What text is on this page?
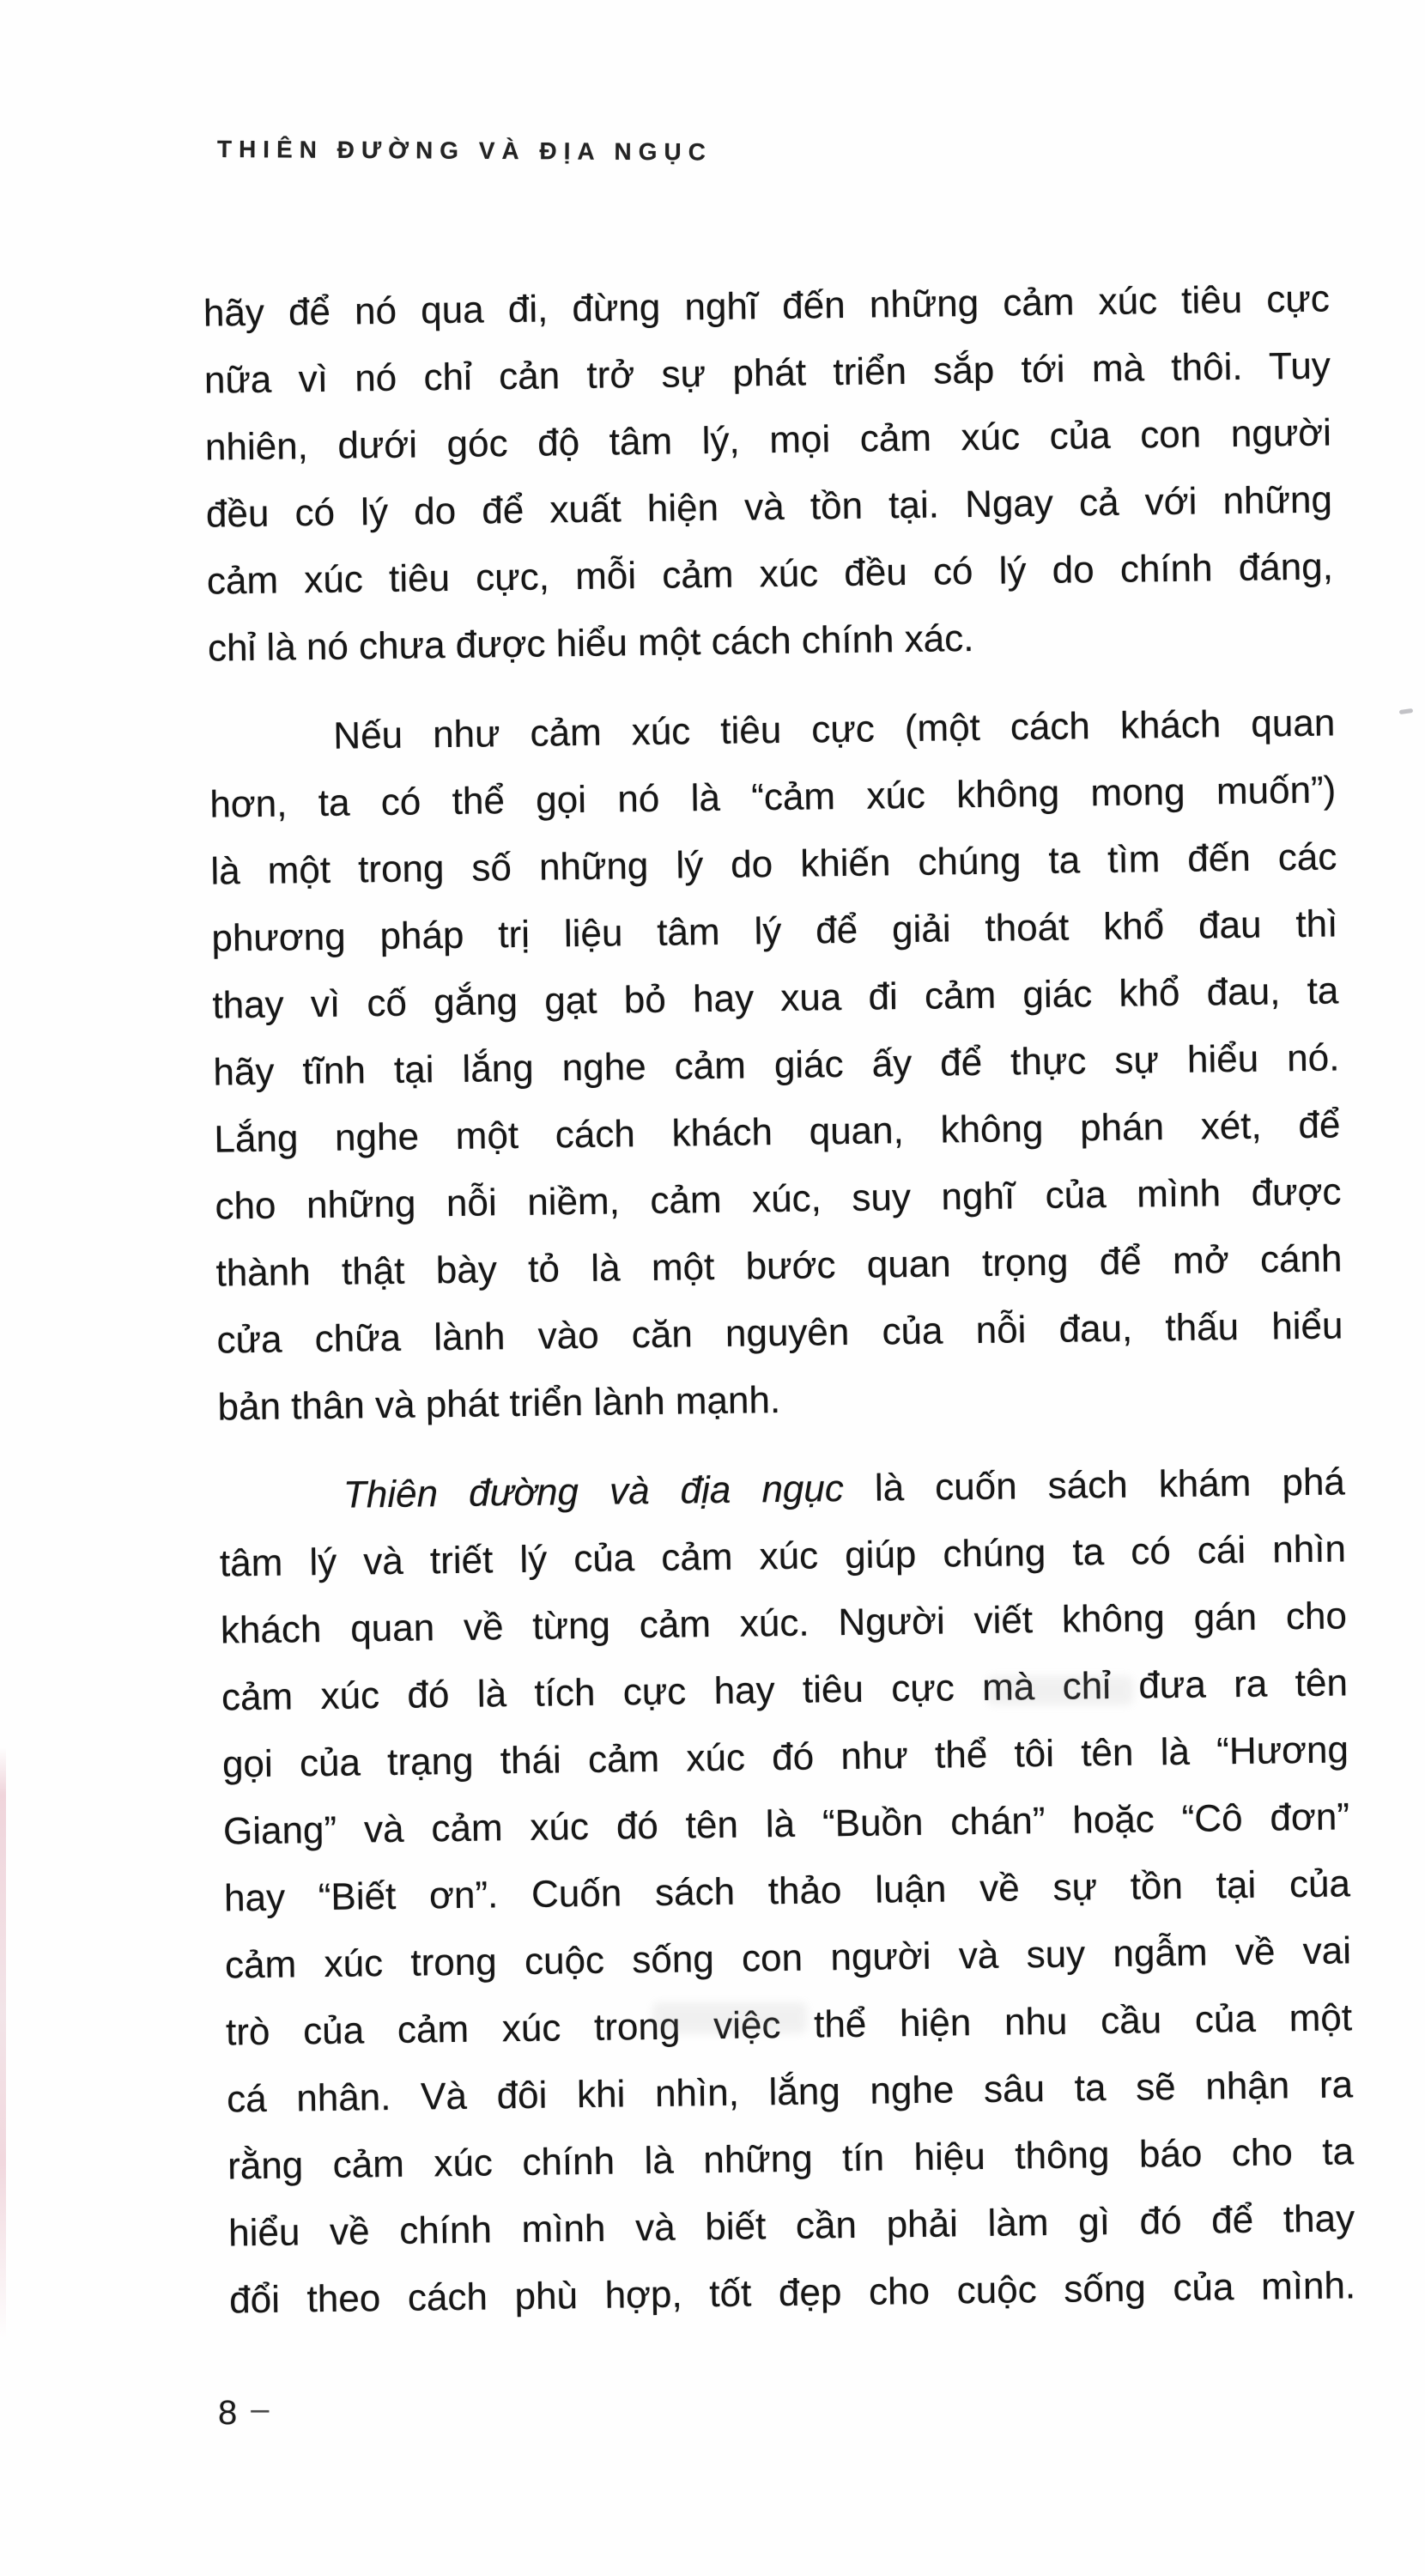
THIÊN ĐƯỜNG VÀ ĐỊA NGỤC
hãy để nó qua đi, đừng nghĩ đến những cảm xúc tiêu cực
nữa vì nó chỉ cản trở sự phát triển sắp tới mà thôi. Tuy
nhiên, dưới góc độ tâm lý, mọi cảm xúc của con người
đều có lý do để xuất hiện và tồn tại. Ngay cả với những
cảm xúc tiêu cực, mỗi cảm xúc đều có lý do chính đáng,
chỉ là nó chưa được hiểu một cách chính xác.
Nếu như cảm xúc tiêu cực (một cách khách quan
hơn, ta có thể gọi nó là “cảm xúc không mong muốn”)
là một trong số những lý do khiến chúng ta tìm đến các
phương pháp trị liệu tâm lý để giải thoát khổ đau thì
thay vì cố gắng gạt bỏ hay xua đi cảm giác khổ đau, ta
hãy tĩnh tại lắng nghe cảm giác ấy để thực sự hiểu nó.
Lắng nghe một cách khách quan, không phán xét, để
cho những nỗi niềm, cảm xúc, suy nghĩ của mình được
thành thật bày tỏ là một bước quan trọng để mở cánh
cửa chữa lành vào căn nguyên của nỗi đau, thấu hiểu
bản thân và phát triển lành mạnh.
Thiên đường và địa ngục là cuốn sách khám phá
tâm lý và triết lý của cảm xúc giúp chúng ta có cái nhìn
khách quan về từng cảm xúc. Người viết không gán cho
cảm xúc đó là tích cực hay tiêu cực mà chỉ đưa ra tên
gọi của trạng thái cảm xúc đó như thể tôi tên là “Hương
Giang” và cảm xúc đó tên là “Buồn chán” hoặc “Cô đơn”
hay “Biết ơn”. Cuốn sách thảo luận về sự tồn tại của
cảm xúc trong cuộc sống con người và suy ngẫm về vai
trò của cảm xúc trong việc thể hiện nhu cầu của một
cá nhân. Và đôi khi nhìn, lắng nghe sâu ta sẽ nhận ra
rằng cảm xúc chính là những tín hiệu thông báo cho ta
hiểu về chính mình và biết cần phải làm gì đó để thay
đổi theo cách phù hợp, tốt đẹp cho cuộc sống của mình.
8 –
